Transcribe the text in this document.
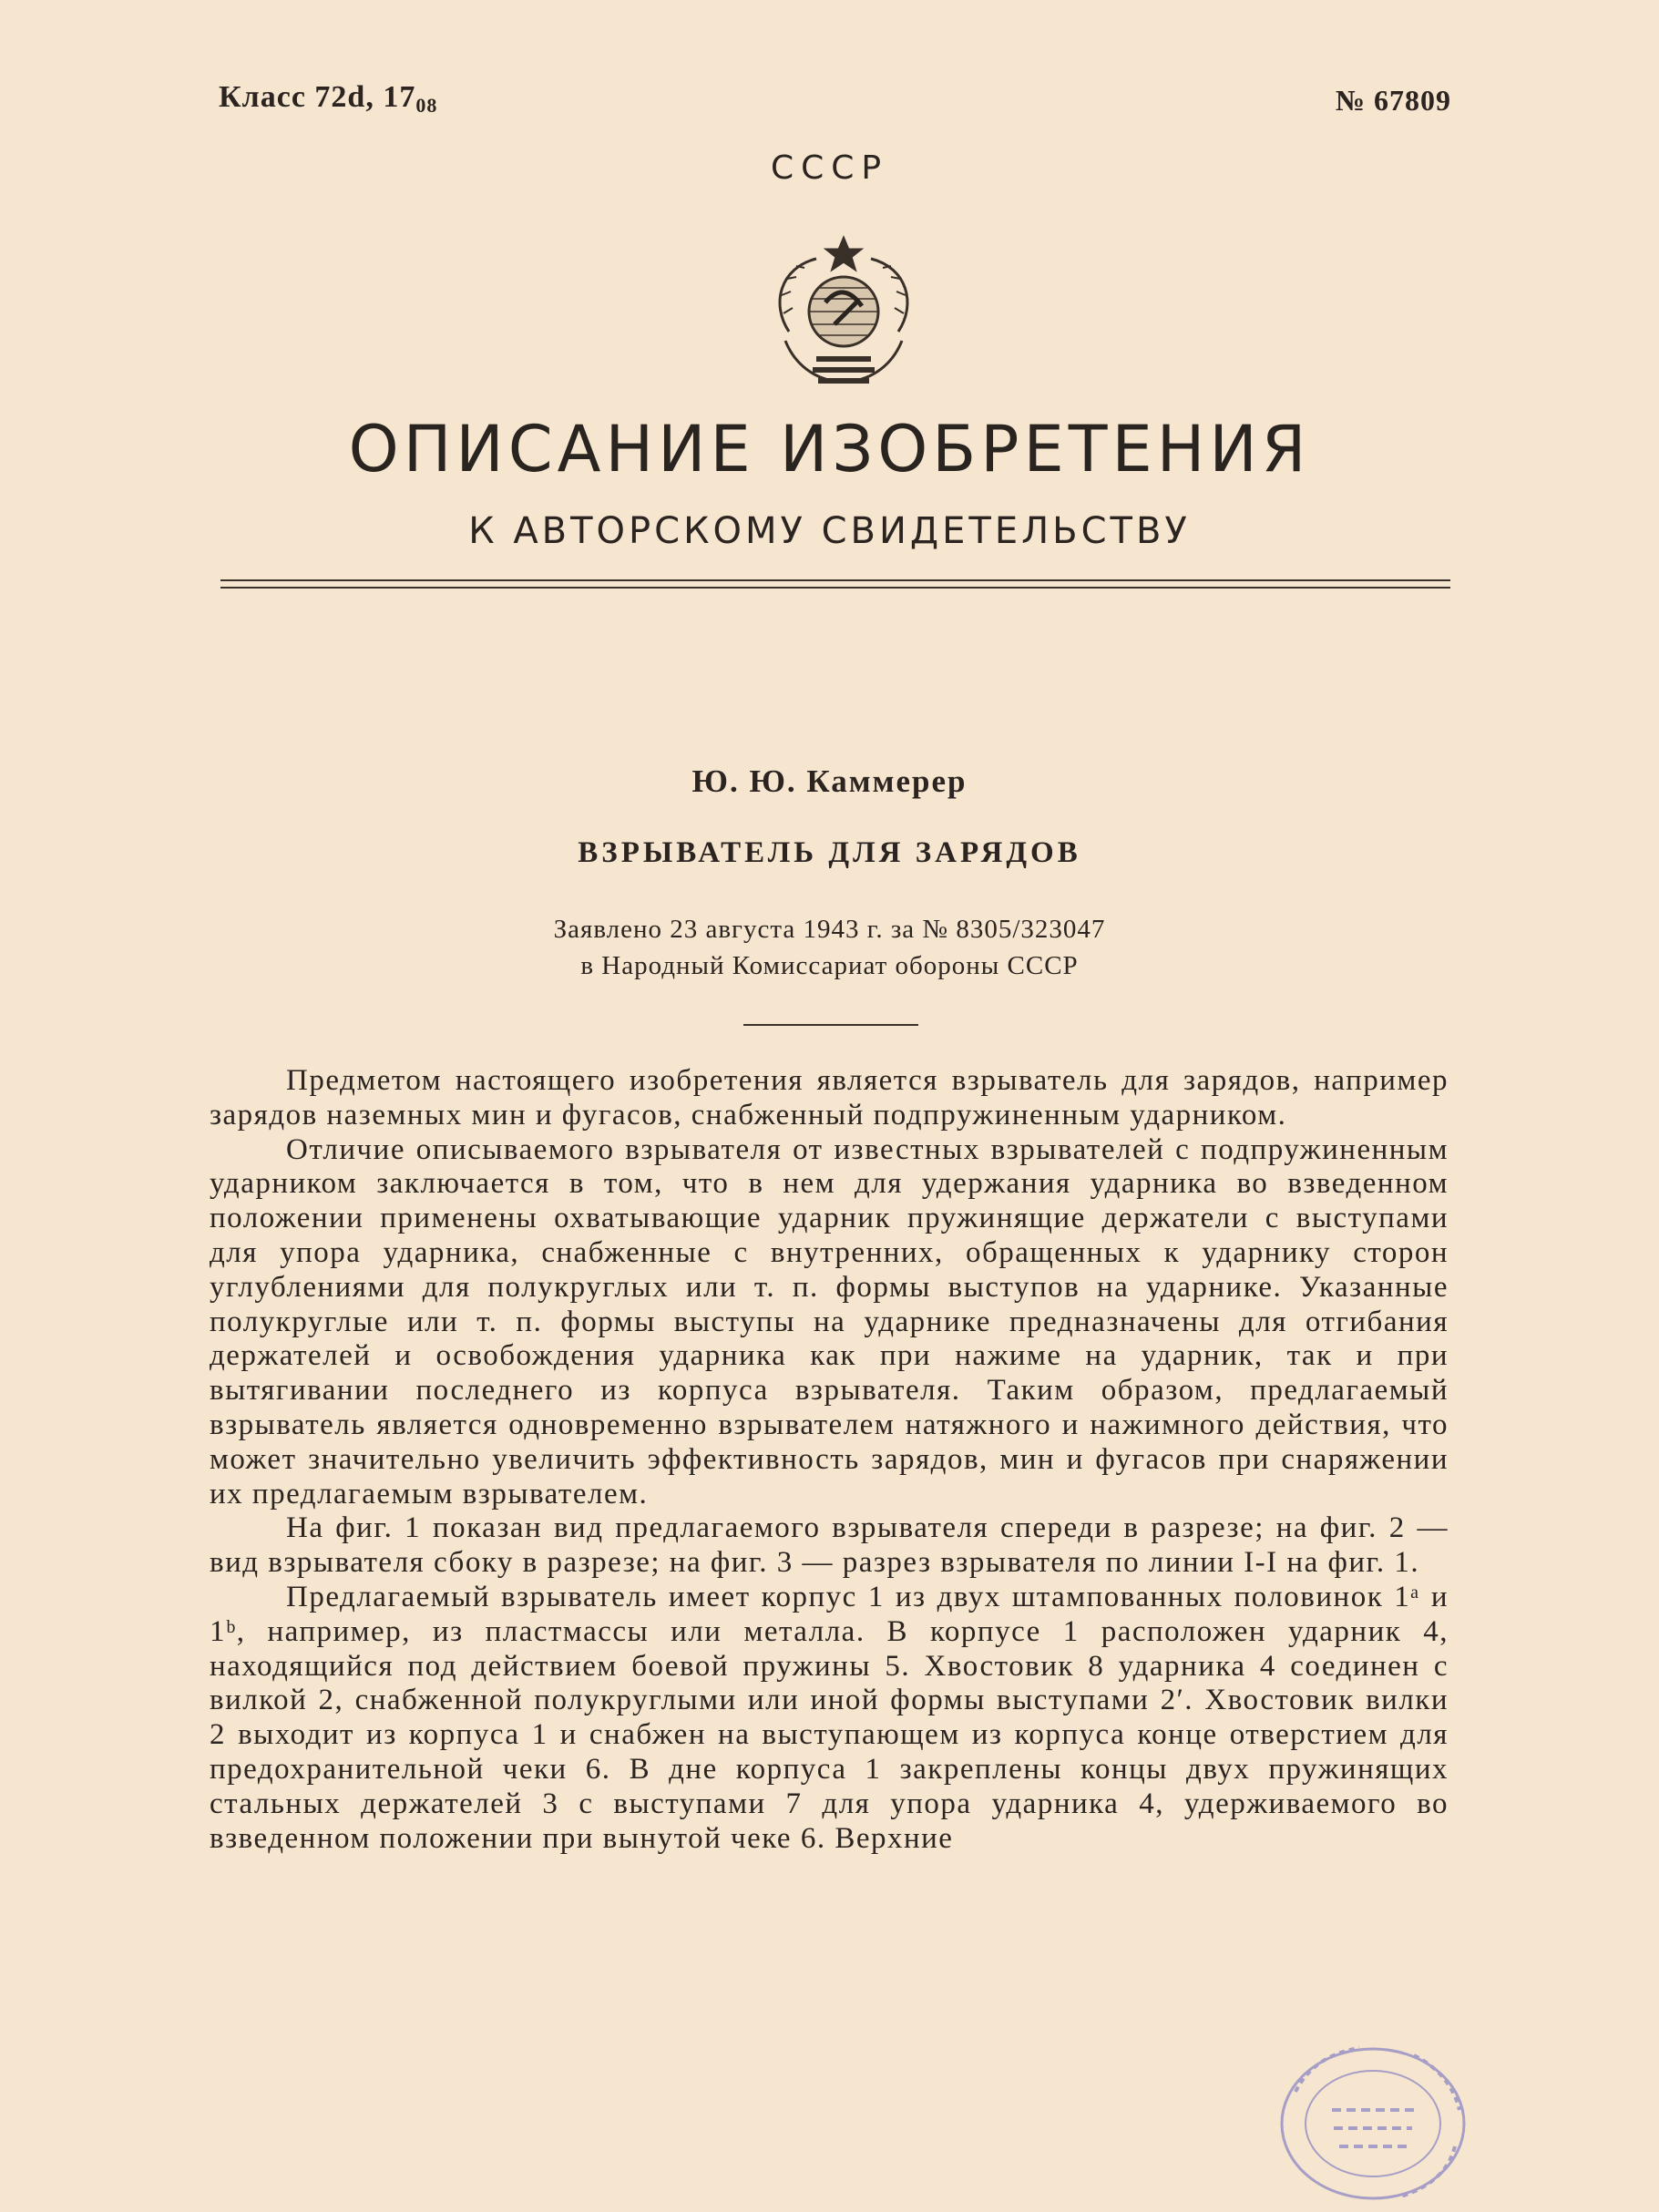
Класс 72d, $17_{08}$	№ 67809
СССР
ОПИСАНИЕ ИЗОБРЕТЕНИЯ
К АВТОРСКОМУ СВИДЕТЕЛЬСТВУ
Ю. Ю. Каммерер
ВЗРЫВАТЕЛЬ ДЛЯ ЗАРЯДОВ
Заявлено 23 августа 1943 г. за № 8305/323047
в Народный Комиссариат обороны СССР

Предметом настоящего изобретения является взрыватель для зарядов, например зарядов наземных мин и фугасов, снабженный подпружиненным ударником.

Отличие описываемого взрывателя от известных взрывателей с подпружиненным ударником заключается в том, что в нем для удержания ударника во взведенном положении применены охватывающие ударник пружинящие держатели с выступами для упора ударника, снабженные с внутренних, обращенных к ударнику сторон углублениями для полукруглых или т. п. формы выступов на ударнике. Указанные полукруглые или т. п. формы выступы на ударнике предназначены для отгибания держателей и освобождения ударника как при нажиме на ударник, так и при вытягивании последнего из корпуса взрывателя. Таким образом, предлагаемый взрыватель является одновременно взрывателем натяжного и нажимного действия, что может значительно увеличить эффективность зарядов, мин и фугасов при снаряжении их предлагаемым взрывателем.

На фиг. 1 показан вид предлагаемого взрывателя спереди в разрезе; на фиг. 2 — вид взрывателя сбоку в разрезе; на фиг. 3 — разрез взрывателя по линии I-I на фиг. 1.

Предлагаемый взрыватель имеет корпус 1 из двух штампованных половинок 1ᵃ и 1ᵇ, например, из пластмассы или металла. В корпусе 1 расположен ударник 4, находящийся под действием боевой пружины 5. Хвостовик 8 ударника 4 соединен с вилкой 2, снабженной полукруглыми или иной формы выступами 2′. Хвостовик вилки 2 выходит из корпуса 1 и снабжен на выступающем из корпуса конце отверстием для предохранительной чеки 6. В дне корпуса 1 закреплены концы двух пружинящих стальных держателей 3 с выступами 7 для упора ударника 4, удерживаемого во взведенном положении при вынутой чеке 6. Верхние
